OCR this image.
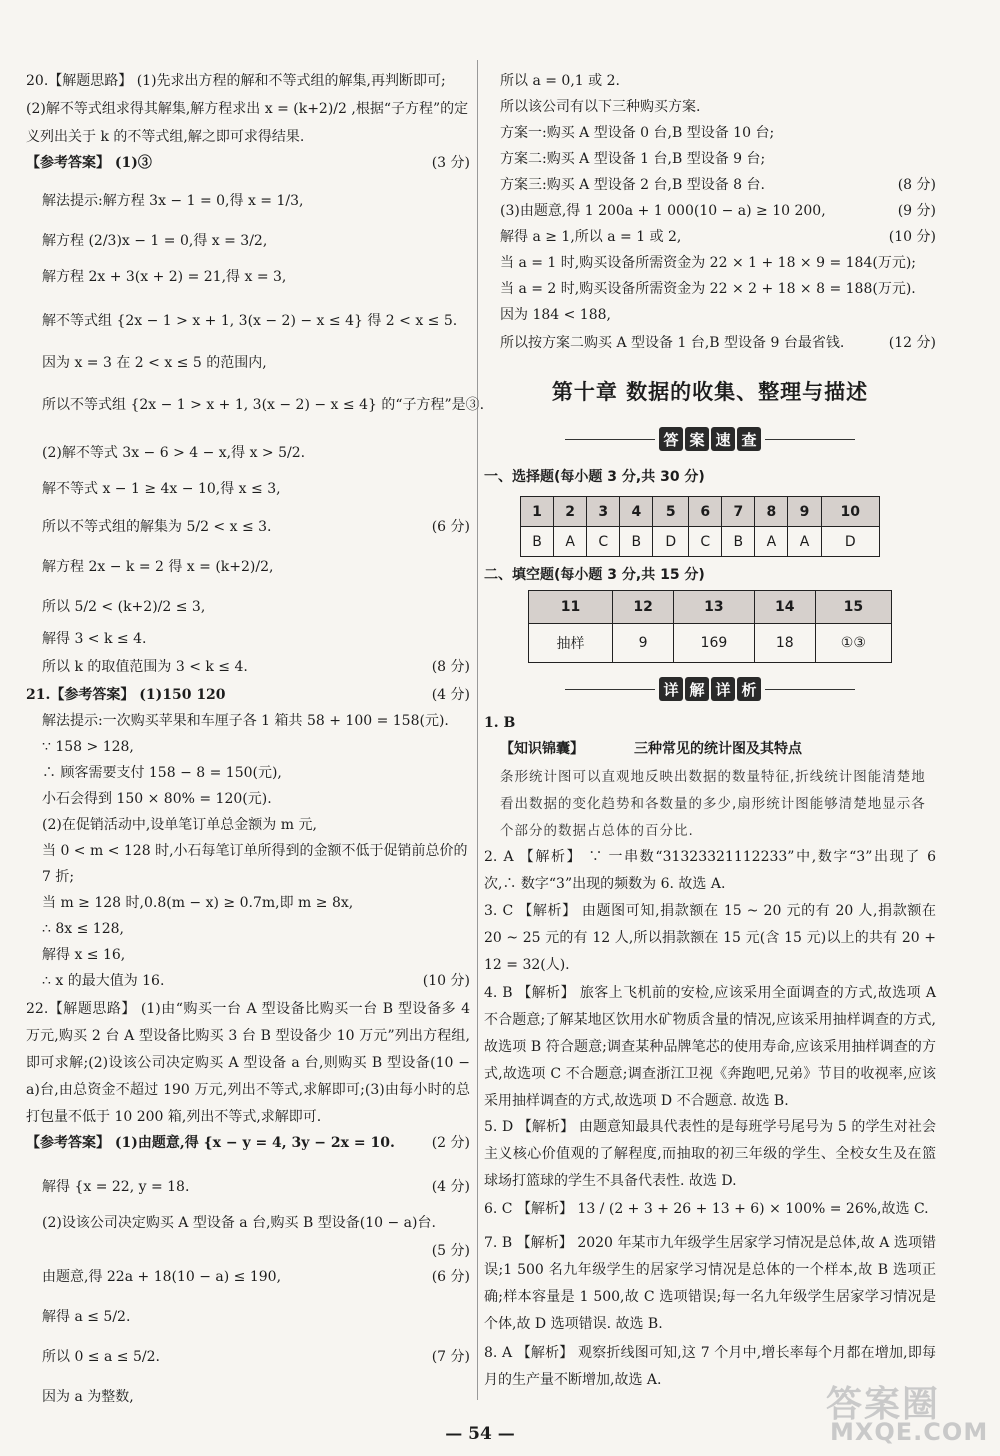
20.【解题思路】 (1)先求出方程的解和不等式组的解集,再判断即可;
(2)解不等式组求得其解集,解方程求出 x = (k+2)/2 ,根据“子方程”的定
义列出关于 k 的不等式组,解之即可求得结果.
【参考答案】 (1)③	(3 分)
解法提示:解方程 3x − 1 = 0,得 x = 1/3,
解方程 (2/3)x − 1 = 0,得 x = 3/2,
解方程 2x + 3(x + 2) = 21,得 x = 3,
解不等式组 {2x − 1 > x + 1, 3(x − 2) − x ≤ 4} 得 2 < x ≤ 5.
因为 x = 3 在 2 < x ≤ 5 的范围内,
所以不等式组 {2x − 1 > x + 1, 3(x − 2) − x ≤ 4} 的“子方程”是③.
(2)解不等式 3x − 6 > 4 − x,得 x > 5/2.
解不等式 x − 1 ≥ 4x − 10,得 x ≤ 3,
所以不等式组的解集为 5/2 < x ≤ 3.	(6 分)
解方程 2x − k = 2 得 x = (k+2)/2,
所以 5/2 < (k+2)/2 ≤ 3,
解得 3 < k ≤ 4.
所以 k 的取值范围为 3 < k ≤ 4.	(8 分)
21.【参考答案】 (1)150 120	(4 分)
解法提示:一次购买苹果和车厘子各 1 箱共 58 + 100 = 158(元).
∵ 158 > 128,
∴ 顾客需要支付 158 − 8 = 150(元),
小石会得到 150 × 80% = 120(元).
(2)在促销活动中,设单笔订单总金额为 m 元,
当 0 < m < 128 时,小石每笔订单所得到的金额不低于促销前总价的
7 折;
当 m ≥ 128 时,0.8(m − x) ≥ 0.7m,即 m ≥ 8x,
∴ 8x ≤ 128,
解得 x ≤ 16,
∴ x 的最大值为 16.	(10 分)
22.【解题思路】 (1)由“购买一台 A 型设备比购买一台 B 型设备多 4 万元,购买 2 台 A 型设备比购买 3 台 B 型设备少 10 万元”列出方程组,即可求解;(2)设该公司决定购买 A 型设备 a 台,则购买 B 型设备(10 − a)台,由总资金不超过 190 万元,列出不等式,求解即可;(3)由每小时的总打包量不低于 10 200 箱,列出不等式,求解即可.
【参考答案】 (1)由题意,得 {x − y = 4, 3y − 2x = 10.	(2 分)
解得 {x = 22, y = 18.	(4 分)
(2)设该公司决定购买 A 型设备 a 台,购买 B 型设备(10 − a)台.
(5 分)
由题意,得 22a + 18(10 − a) ≤ 190,	(6 分)
解得 a ≤ 5/2.
所以 0 ≤ a ≤ 5/2.	(7 分)
因为 a 为整数,
所以 a = 0,1 或 2.
所以该公司有以下三种购买方案.
方案一:购买 A 型设备 0 台,B 型设备 10 台;
方案二:购买 A 型设备 1 台,B 型设备 9 台;
方案三:购买 A 型设备 2 台,B 型设备 8 台.	(8 分)
(3)由题意,得 1 200a + 1 000(10 − a) ≥ 10 200,	(9 分)
解得 a ≥ 1,所以 a = 1 或 2,	(10 分)
当 a = 1 时,购买设备所需资金为 22 × 1 + 18 × 9 = 184(万元);
当 a = 2 时,购买设备所需资金为 22 × 2 + 18 × 8 = 188(万元).
因为 184 < 188,
所以按方案二购买 A 型设备 1 台,B 型设备 9 台最省钱.	(12 分)
第十章 数据的收集、整理与描述
答 案 速 查
一、选择题(每小题 3 分,共 30 分)
1	2	3	4	5	6	7	8	9	10
B	A	C	B	D	C	B	A	A	D
二、填空题(每小题 3 分,共 15 分)
11	12	13	14	15
抽样	9	169	18	①③
详 解 详 析
1. B
【知识锦囊】	三种常见的统计图及其特点
条形统计图可以直观地反映出数据的数量特征,折线统计图能清楚地看出数据的变化趋势和各数量的多少,扇形统计图能够清楚地显示各个部分的数据占总体的百分比.
2. A 【解析】 ∵ 一串数“31323321112233”中,数字“3”出现了 6 次,∴ 数字“3”出现的频数为 6. 故选 A.
3. C 【解析】 由题图可知,捐款额在 15 ~ 20 元的有 20 人,捐款额在 20 ~ 25 元的有 12 人,所以捐款额在 15 元(含 15 元)以上的共有 20 + 12 = 32(人).
4. B 【解析】 旅客上飞机前的安检,应该采用全面调查的方式,故选项 A 不合题意;了解某地区饮用水矿物质含量的情况,应该采用抽样调查的方式,故选项 B 符合题意;调查某种品牌笔芯的使用寿命,应该采用抽样调查的方式,故选项 C 不合题意;调查浙江卫视《奔跑吧,兄弟》节目的收视率,应该采用抽样调查的方式,故选项 D 不合题意. 故选 B.
5. D 【解析】 由题意知最具代表性的是每班学号尾号为 5 的学生对社会主义核心价值观的了解程度,而抽取的初三年级的学生、全校女生及在篮球场打篮球的学生不具备代表性. 故选 D.
6. C 【解析】 13 / (2 + 3 + 26 + 13 + 6) × 100% = 26%,故选 C.
7. B 【解析】 2020 年某市九年级学生居家学习情况是总体,故 A 选项错误;1 500 名九年级学生的居家学习情况是总体的一个样本,故 B 选项正确;样本容量是 1 500,故 C 选项错误;每一名九年级学生居家学习情况是个体,故 D 选项错误. 故选 B.
8. A 【解析】 观察折线图可知,这 7 个月中,增长率每个月都在增加,即每月的生产量不断增加,故选 A.
— 54 —
答案圈
MXQE.COM
